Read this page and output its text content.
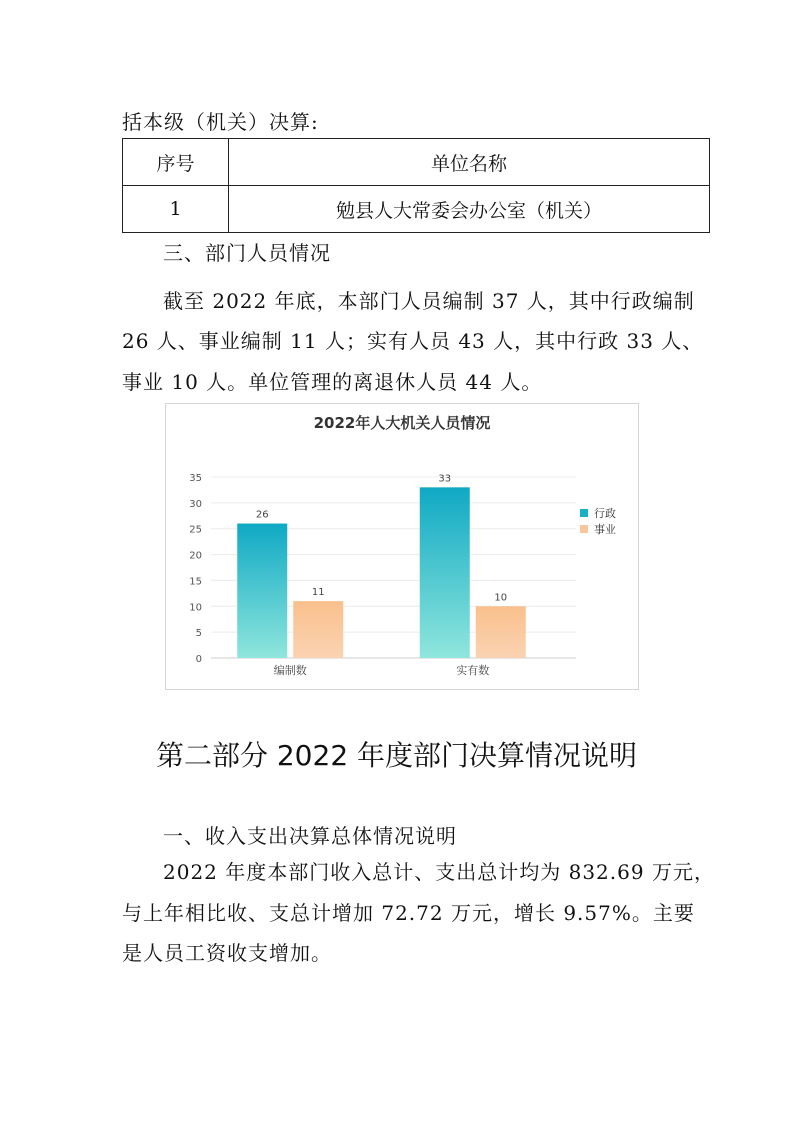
括本级（机关）决算:
序号	单位名称
1	勉县人大常委会办公室（机关）
三、部门人员情况
截至 2022 年底，本部门人员编制 37 人，其中行政编制
26 人、事业编制 11 人；实有人员 43 人，其中行政 33 人、
事业 10 人。单位管理的离退休人员 44 人。
2022年人大机关人员情况
0
5
10
15
20
25
30
35
26
11
33
10
编制数	实有数
行政
事业
第二部分 2022 年度部门决算情况说明
一、收入支出决算总体情况说明
2022 年度本部门收入总计、支出总计均为 832.69 万元，
与上年相比收、支总计增加 72.72 万元，增长 9.57%。主要
是人员工资收支增加。
